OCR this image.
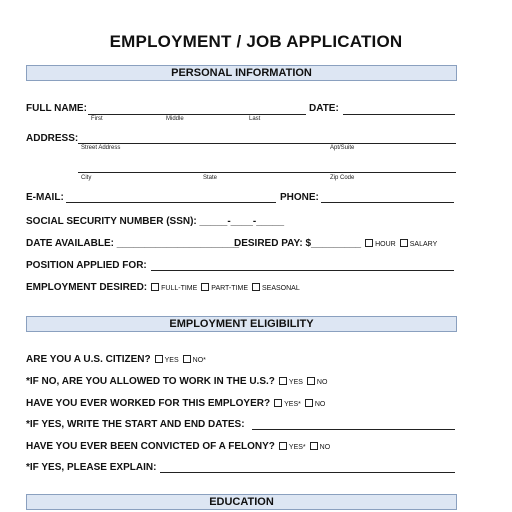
EMPLOYMENT / JOB APPLICATION
PERSONAL INFORMATION
FULL NAME:
First	Middle	Last
DATE:
ADDRESS:
Street Address	Apt/Suite
City	State	Zip Code
E-MAIL:	PHONE:
SOCIAL SECURITY NUMBER (SSN): _____-____-_____
DATE AVAILABLE: ______________________
DESIRED PAY: $_________ HOUR SALARY
POSITION APPLIED FOR:
EMPLOYMENT DESIRED: FULL-TIME PART-TIME SEASONAL
EMPLOYMENT ELIGIBILITY
ARE YOU A U.S. CITIZEN? YES NO*
*IF NO, ARE YOU ALLOWED TO WORK IN THE U.S.? YES NO
HAVE YOU EVER WORKED FOR THIS EMPLOYER? YES* NO
*IF YES, WRITE THE START AND END DATES:
HAVE YOU EVER BEEN CONVICTED OF A FELONY? YES* NO
*IF YES, PLEASE EXPLAIN:
EDUCATION
